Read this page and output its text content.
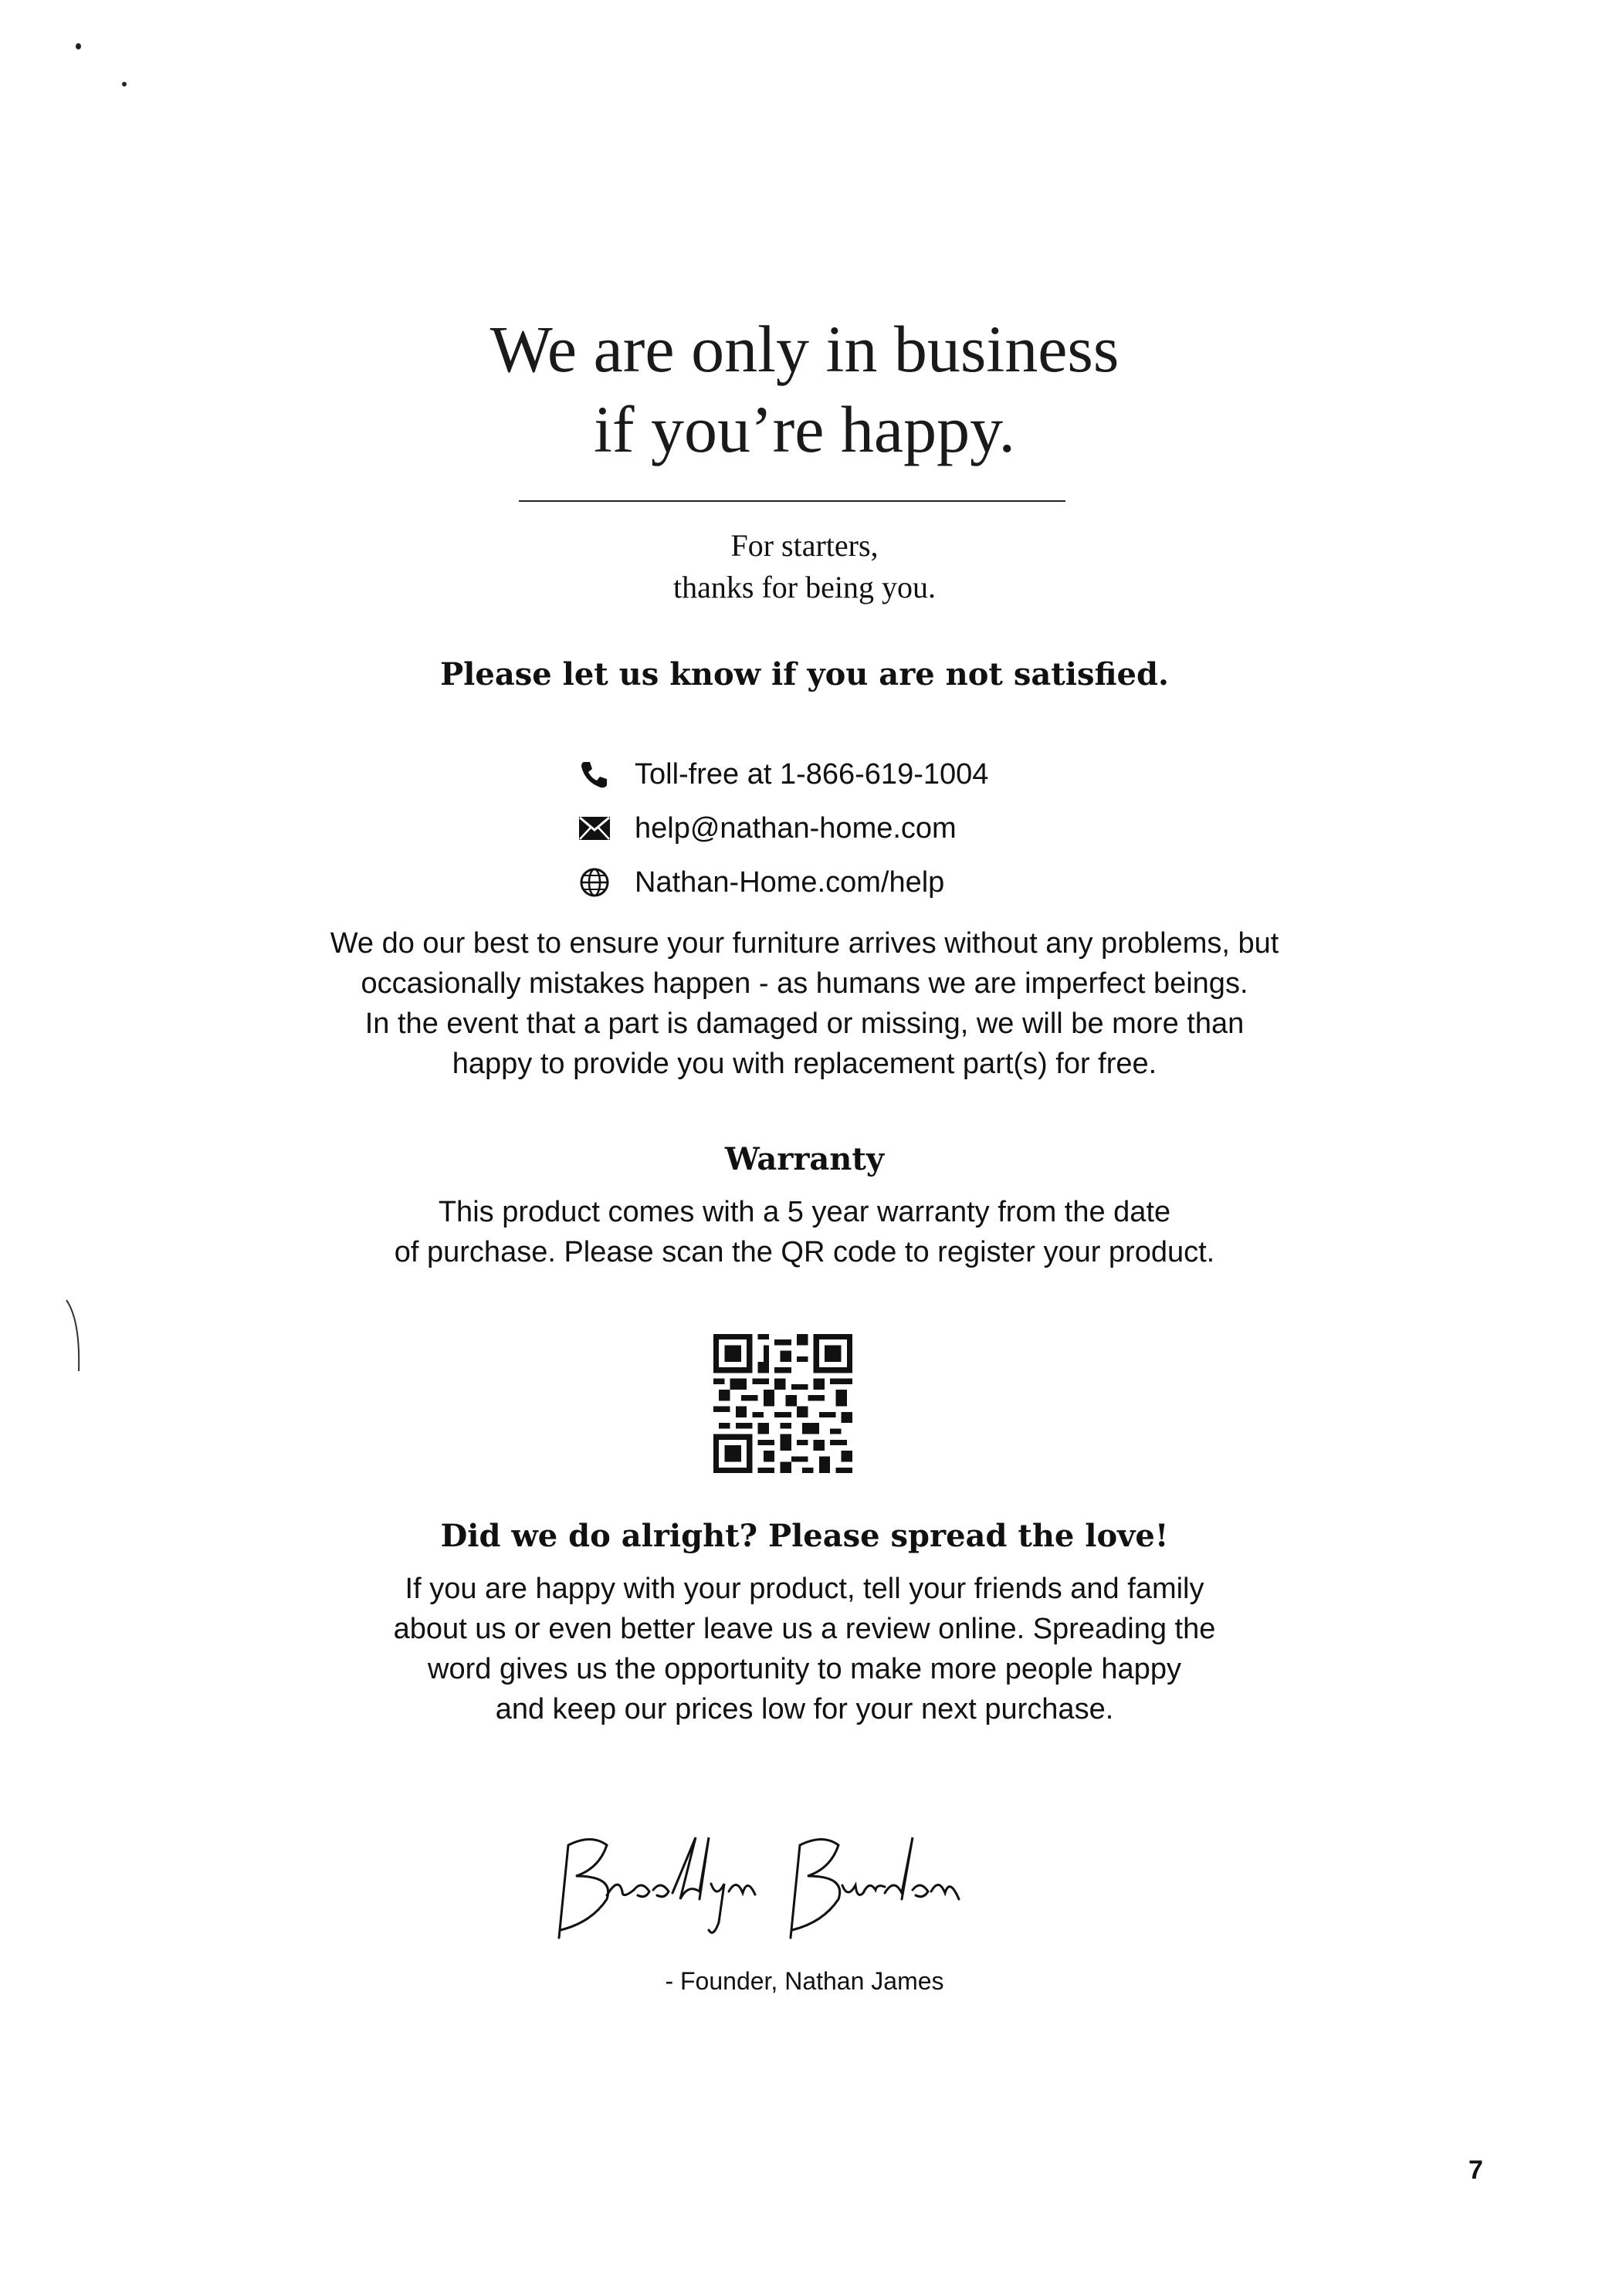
We are only in business
if you’re happy.
For starters,
thanks for being you.
Please let us know if you are not satisfied.
Toll-free at 1-866-619-1004
help@nathan-home.com
Nathan-Home.com/help
We do our best to ensure your furniture arrives without any problems, but
occasionally mistakes happen - as humans we are imperfect beings.
In the event that a part is damaged or missing, we will be more than
happy to provide you with replacement part(s) for free.
Warranty
This product comes with a 5 year warranty from the date
of purchase. Please scan the QR code to register your product.
Did we do alright? Please spread the love!
If you are happy with your product, tell your friends and family
about us or even better leave us a review online. Spreading the
word gives us the opportunity to make more people happy
and keep our prices low for your next purchase.
- Founder, Nathan James
7
